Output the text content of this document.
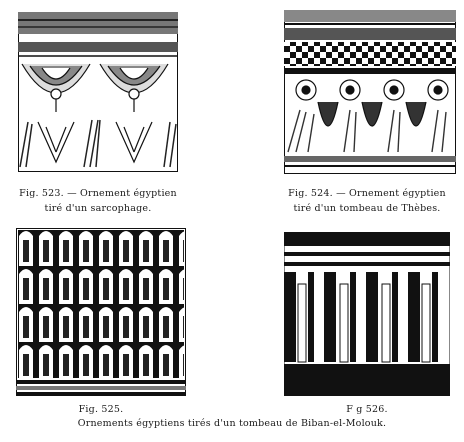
Fig. 523. — Ornement égyptien
tiré d'un sarcophage.
Fig. 524. — Ornement égyptien
tiré d'un tombeau de Thèbes.
Fig. 525.	F g 526.
Ornements égyptiens tirés d'un tombeau de Biban-el-Molouk.
